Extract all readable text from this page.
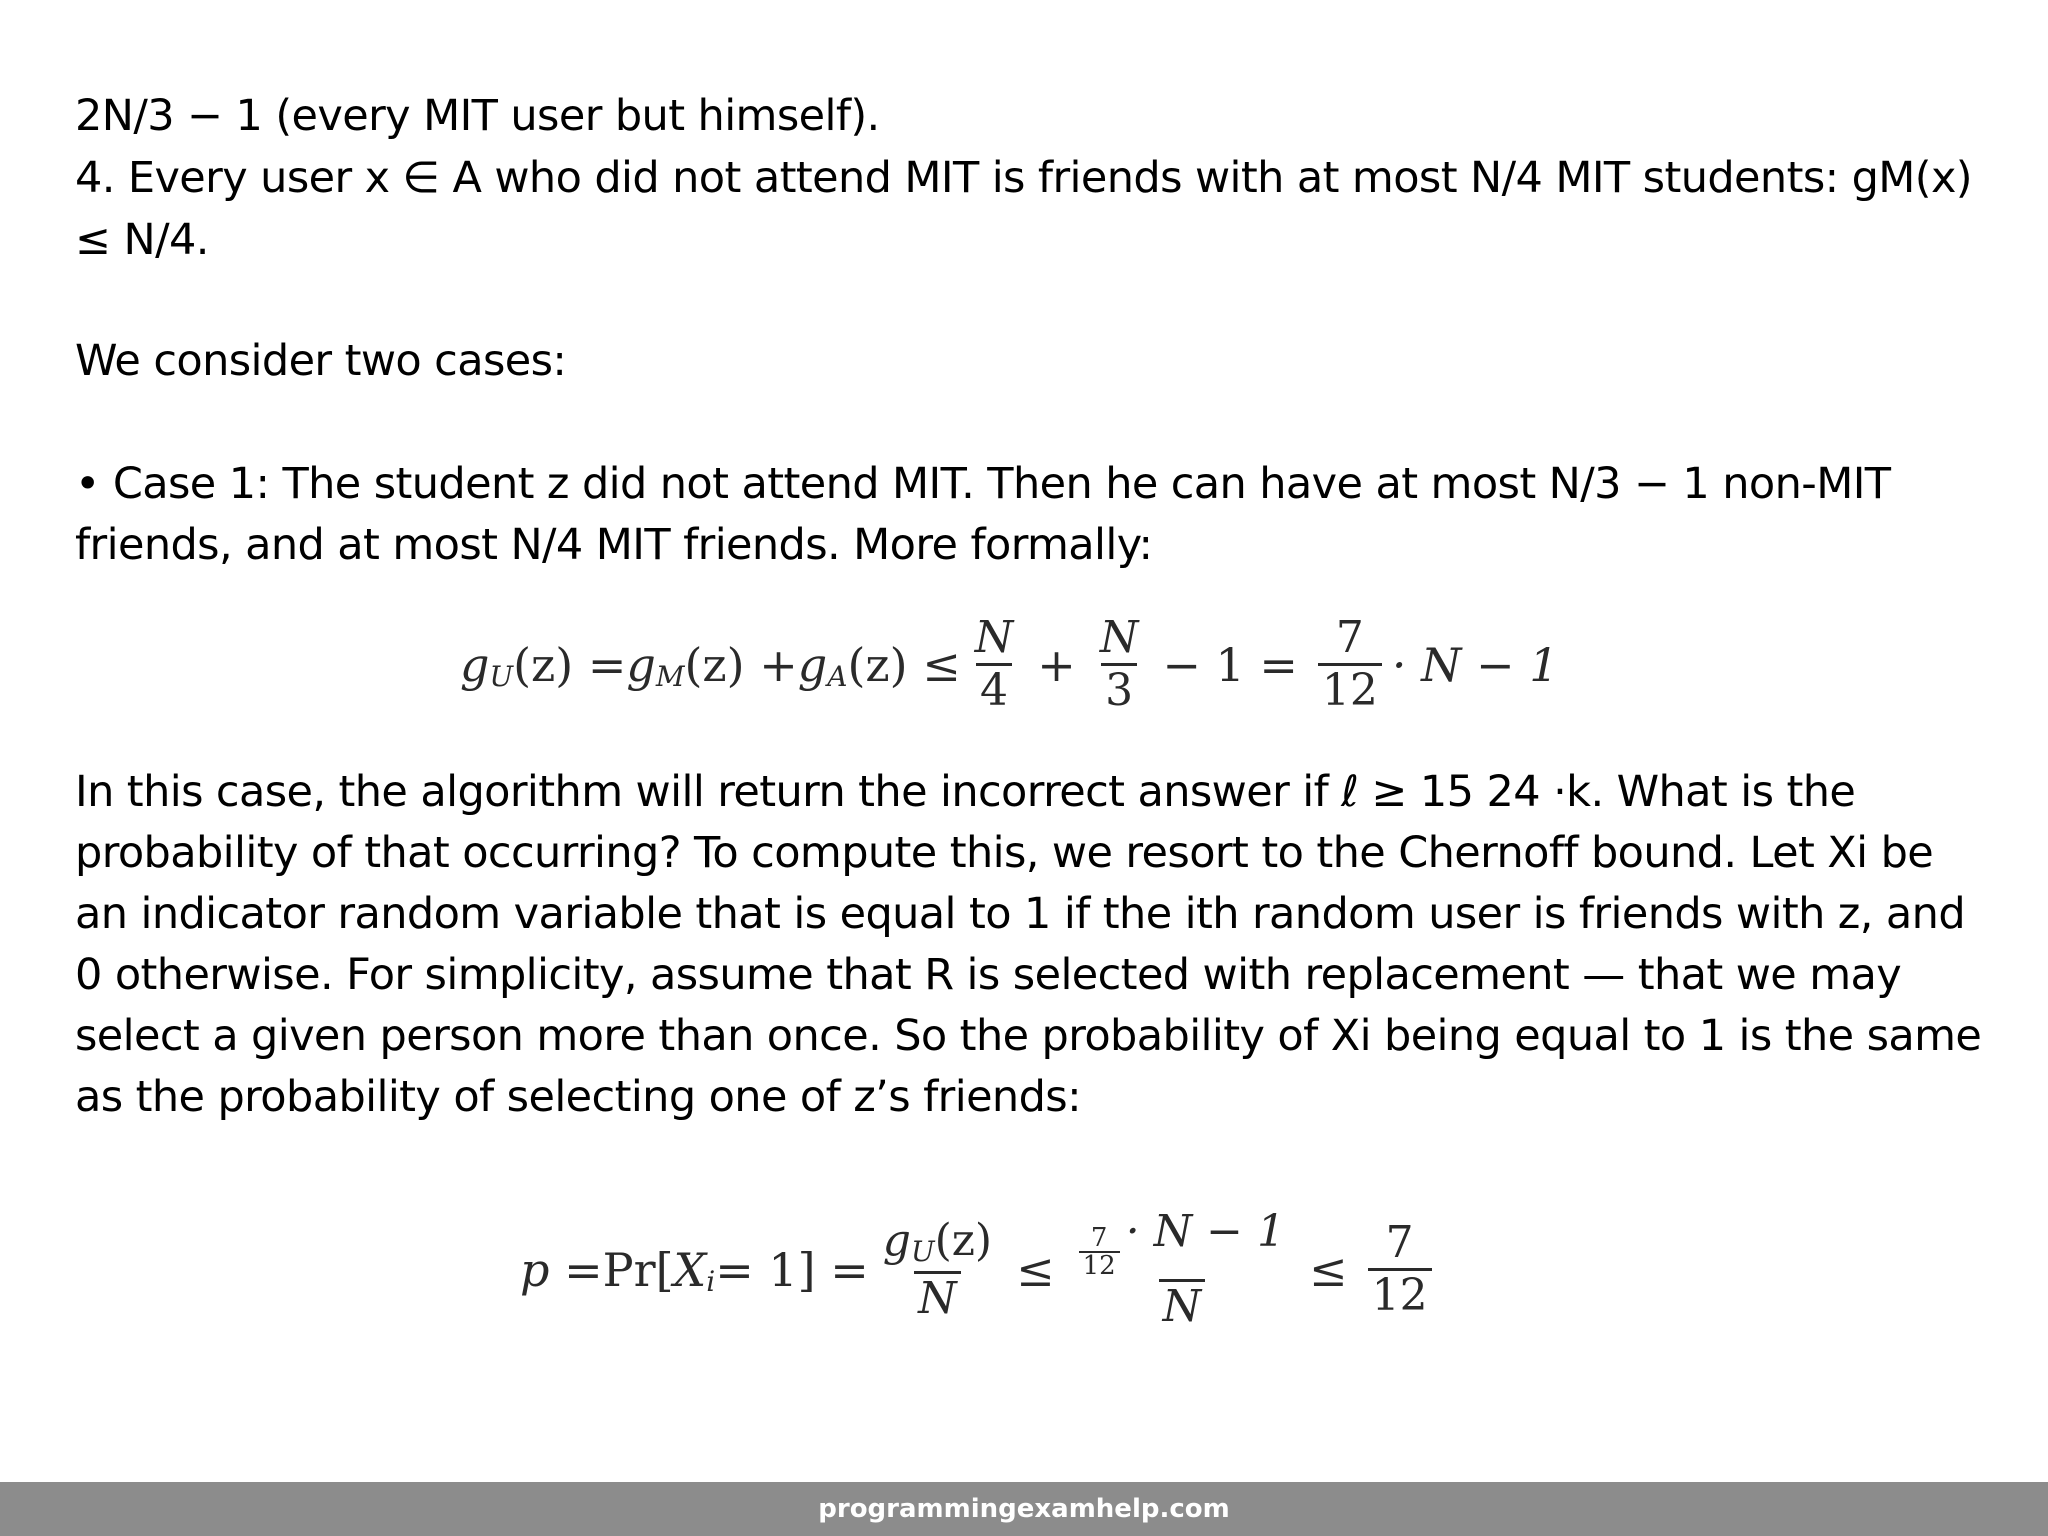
2N/3 − 1 (every MIT user but himself).
4. Every user x ∈ A who did not attend MIT is friends with at most N/4 MIT students: gM(x)
≤ N/4.
We consider two cases:
• Case 1: The student z did not attend MIT. Then he can have at most N/3 − 1 non-MIT
friends, and at most N/4 MIT friends. More formally:
g U (z) = g M (z) + g A $(z) \le \frac{N}{4} + \frac{N}{3} - 1 = \frac{7}{12} \cdot N - 1$
In this case, the algorithm will return the incorrect answer if ℓ ≥ 15 24 ·k. What is the
probability of that occurring? To compute this, we resort to the Chernoff bound. Let Xi be
an indicator random variable that is equal to 1 if the ith random user is friends with z, and
0 otherwise. For simplicity, assume that R is selected with replacement — that we may
select a given person more than once. So the probability of Xi being equal to 1 is the same
as the probability of selecting one of z’s friends:
p = Pr[ X $i = 1] = \frac{gU(z)}{N} \le \frac{\frac{7}{12} \cdot N - 1}{N} \le \frac{7}{12}$
programmingexamhelp.com
